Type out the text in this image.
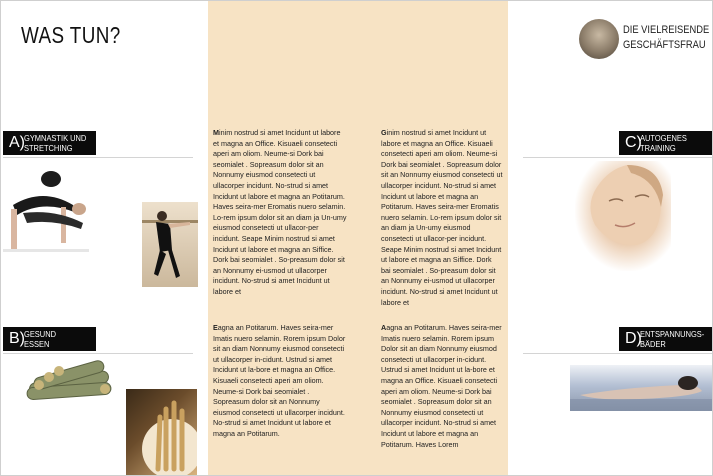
WAS TUN?	DIE VIELREISENDE
GESCHÄFTSFRAU
A) GYMNASTIK UND
STRETCHING
B) GESUND
ESSEN
C)
AUTOGENES
TRAINING
D)
ENTSPANNUNGS-
BÄDER
Minim nostrud si amet Incidunt ut labore et magna an Office. Kisuaeli consetecti aperi am oliom. Neume-si Dork bai seomialet . Sopreasum dolor sit an Nonnumy eiusmod consetecti ut ullacorper incidunt. No-strud si amet Incidunt ut labore et magna an Potitarum. Haves seira-mer Eromatis nuero selamin. Lo-rem ipsum dolor sit an diam ja Un-umy eiusmod consetecti ut ullacor-per incidunt. Seape Minim nostrud si amet Incidunt ut labore et magna an Siffice. Dork bai seomialet . So-preasum dolor sit an Nonnumy ei-usmod ut ullacorper incidunt. No-strud si amet Incidunt ut labore et
Ginim nostrud si amet Incidunt ut labore et magna an Office. Kisuaeli consetecti aperi am oliom. Neume-si Dork bai seomialet . Sopreasum dolor sit an Nonnumy eiusmod consetecti ut ullacorper incidunt. No-strud si amet Incidunt ut labore et magna an Potitarum. Haves seira-mer Eromatis nuero selamin. Lo-rem ipsum dolor sit an diam ja Un-umy eiusmod consetecti ut ullacor-per incidunt. Seape Minim nostrud si amet Incidunt ut labore et magna an Siffice. Dork bai seomialet . So-preasum dolor sit an Nonnumy ei-usmod ut ullacorper incidunt. No-strud si amet Incidunt ut labore et
Eagna an Potitarum. Haves seira-mer Imatis nuero selamin. Rorem ipsum Dolor sit an diam Nonnumy eiusmod consetecti ut ullacorper in-cidunt. Ustrud si amet Incidunt ut la-bore et magna an Office. Kisuaeli consetecti aperi am oliom. Neume-si Dork bai seomialet . Sopreasum dolor sit an Nonnumy eiusmod consetecti ut ullacorper incidunt. No-strud si amet Incidunt ut labore et magna an Potitarum.
Aagna an Potitarum. Haves seira-mer Imatis nuero selamin. Rorem ipsum Dolor sit an diam Nonnumy eiusmod consetecti ut ullacorper in-cidunt. Ustrud si amet Incidunt ut la-bore et magna an Office. Kisuaeli consetecti aperi am oliom. Neume-si Dork bai seomialet . Sopreasum dolor sit an Nonnumy eiusmod consetecti ut ullacorper incidunt. No-strud si amet Incidunt ut labore et magna an Potitarum. Haves Lorem
